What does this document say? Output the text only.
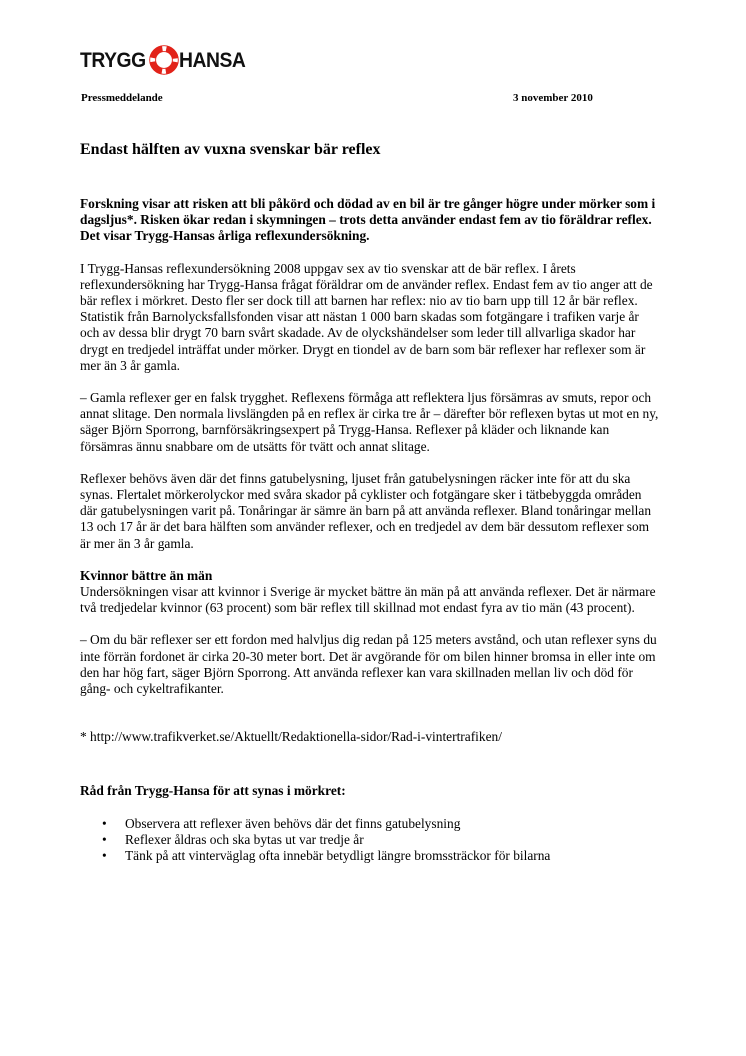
TRYGG HANSA
Pressmeddelande	3 november 2010
Endast hälften av vuxna svenskar bär reflex

Forskning visar att risken att bli påkörd och dödad av en bil är tre gånger högre under mörker som i dagsljus*. Risken ökar redan i skymningen – trots detta använder endast fem av tio föräldrar reflex. Det visar Trygg-Hansas årliga reflexundersökning.

I Trygg-Hansas reflexundersökning 2008 uppgav sex av tio svenskar att de bär reflex. I årets reflexundersökning har Trygg-Hansa frågat föräldrar om de använder reflex. Endast fem av tio anger att de bär reflex i mörkret. Desto fler ser dock till att barnen har reflex: nio av tio barn upp till 12 år bär reflex. Statistik från Barnolycksfallsfonden visar att nästan 1 000 barn skadas som fotgängare i trafiken varje år och av dessa blir drygt 70 barn svårt skadade. Av de olyckshändelser som leder till allvarliga skador har drygt en tredjedel inträffat under mörker. Drygt en tiondel av de barn som bär reflexer har reflexer som är mer än 3 år gamla.

– Gamla reflexer ger en falsk trygghet. Reflexens förmåga att reflektera ljus försämras av smuts, repor och annat slitage. Den normala livslängden på en reflex är cirka tre år – därefter bör reflexen bytas ut mot en ny, säger Björn Sporrong, barnförsäkringsexpert på Trygg-Hansa. Reflexer på kläder och liknande kan försämras ännu snabbare om de utsätts för tvätt och annat slitage.

Reflexer behövs även där det finns gatubelysning, ljuset från gatubelysningen räcker inte för att du ska synas. Flertalet mörkerolyckor med svåra skador på cyklister och fotgängare sker i tätbebyggda områden där gatubelysningen varit på. Tonåringar är sämre än barn på att använda reflexer. Bland tonåringar mellan 13 och 17 år är det bara hälften som använder reflexer, och en tredjedel av dem bär dessutom reflexer som är mer än 3 år gamla.

Kvinnor bättre än män
Undersökningen visar att kvinnor i Sverige är mycket bättre än män på att använda reflexer. Det är närmare två tredjedelar kvinnor (63 procent) som bär reflex till skillnad mot endast fyra av tio män (43 procent).

– Om du bär reflexer ser ett fordon med halvljus dig redan på 125 meters avstånd, och utan reflexer syns du inte förrän fordonet är cirka 20-30 meter bort. Det är avgörande för om bilen hinner bromsa in eller inte om den har hög fart, säger Björn Sporrong. Att använda reflexer kan vara skillnaden mellan liv och död för gång- och cykeltrafikanter.

* http://www.trafikverket.se/Aktuellt/Redaktionella-sidor/Rad-i-vintertrafiken/

Råd från Trygg-Hansa för att synas i mörkret:

• Observera att reflexer även behövs där det finns gatubelysning
• Reflexer åldras och ska bytas ut var tredje år
• Tänk på att vinterväglag ofta innebär betydligt längre bromssträckor för bilarna
